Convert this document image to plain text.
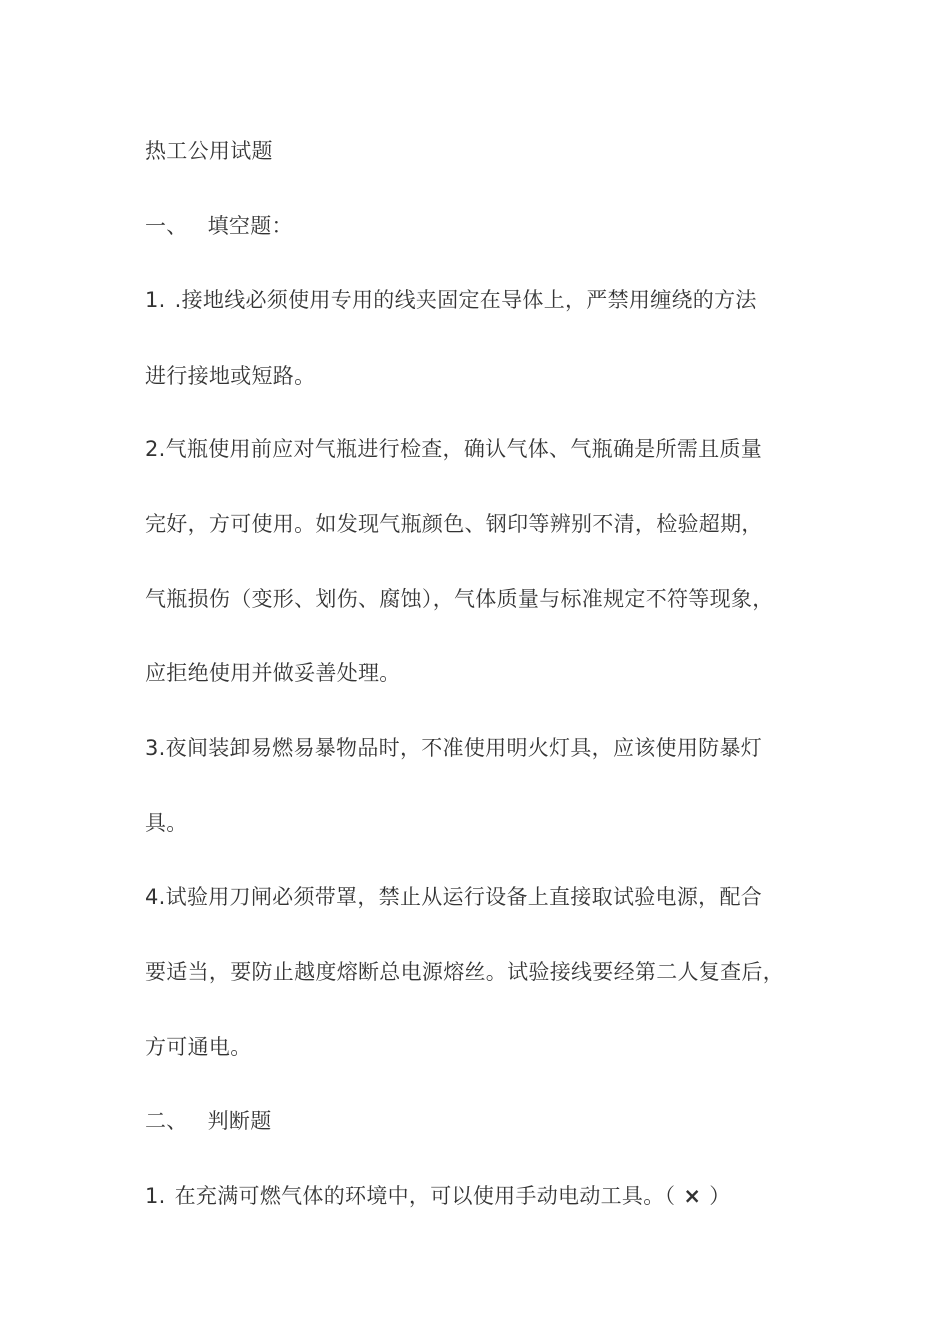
热工公用试题
一、 填空题：
1. .接地线必须使用专用的线夹固定在导体上，严禁用缠绕的方法
进行接地或短路。
2.气瓶使用前应对气瓶进行检查，确认气体、气瓶确是所需且质量
完好，方可使用。如发现气瓶颜色、钢印等辨别不清，检验超期，
气瓶损伤（变形、划伤、腐蚀），气体质量与标准规定不符等现象，
应拒绝使用并做妥善处理。
3.夜间装卸易燃易暴物品时，不准使用明火灯具，应该使用防暴灯
具。
4.试验用刀闸必须带罩，禁止从运行设备上直接取试验电源，配合
要适当，要防止越度熔断总电源熔丝。试验接线要经第二人复查后，
方可通电。
二、 判断题
1. 在充满可燃气体的环境中，可以使用手动电动工具。（ × ）
